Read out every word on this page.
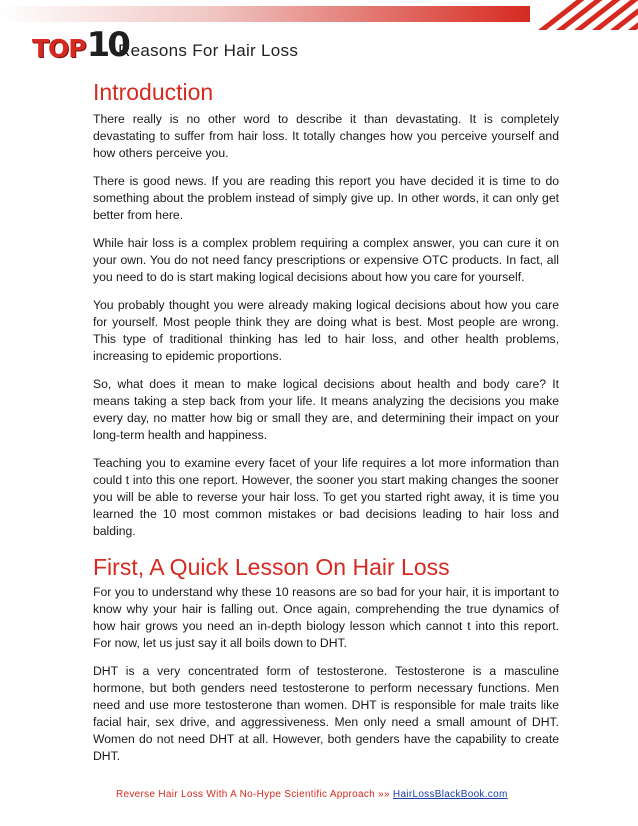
TOP 10
Reasons For Hair Loss
Introduction

There really is no other word to describe it than devastating. It is completely devastating to suffer from hair loss. It totally changes how you perceive yourself and how others perceive you.

There is good news. If you are reading this report you have decided it is time to do something about the problem instead of simply give up. In other words, it can only get better from here.

While hair loss is a complex problem requiring a complex answer, you can cure it on your own. You do not need fancy prescriptions or expensive OTC products. In fact, all you need to do is start making logical decisions about how you care for yourself.

You probably thought you were already making logical decisions about how you care for yourself. Most people think they are doing what is best. Most people are wrong. This type of traditional thinking has led to hair loss, and other health problems, increasing to epidemic proportions.

So, what does it mean to make logical decisions about health and body care? It means taking a step back from your life. It means analyzing the decisions you make every day, no matter how big or small they are, and determining their impact on your long-term health and happiness.

Teaching you to examine every facet of your life requires a lot more information than could t into this one report. However, the sooner you start making changes the sooner you will be able to reverse your hair loss. To get you started right away, it is time you learned the 10 most common mistakes or bad decisions leading to hair loss and balding.

First, A Quick Lesson On Hair Loss

For you to understand why these 10 reasons are so bad for your hair, it is important to know why your hair is falling out. Once again, comprehending the true dynamics of how hair grows you need an in-depth biology lesson which cannot t into this report. For now, let us just say it all boils down to DHT.

DHT is a very concentrated form of testosterone. Testosterone is a masculine hormone, but both genders need testosterone to perform necessary functions. Men need and use more testosterone than women. DHT is responsible for male traits like facial hair, sex drive, and aggressiveness. Men only need a small amount of DHT. Women do not need DHT at all. However, both genders have the capability to create DHT.

Reverse Hair Loss With A No-Hype Scientific Approach »» HairLossBlackBook.com
